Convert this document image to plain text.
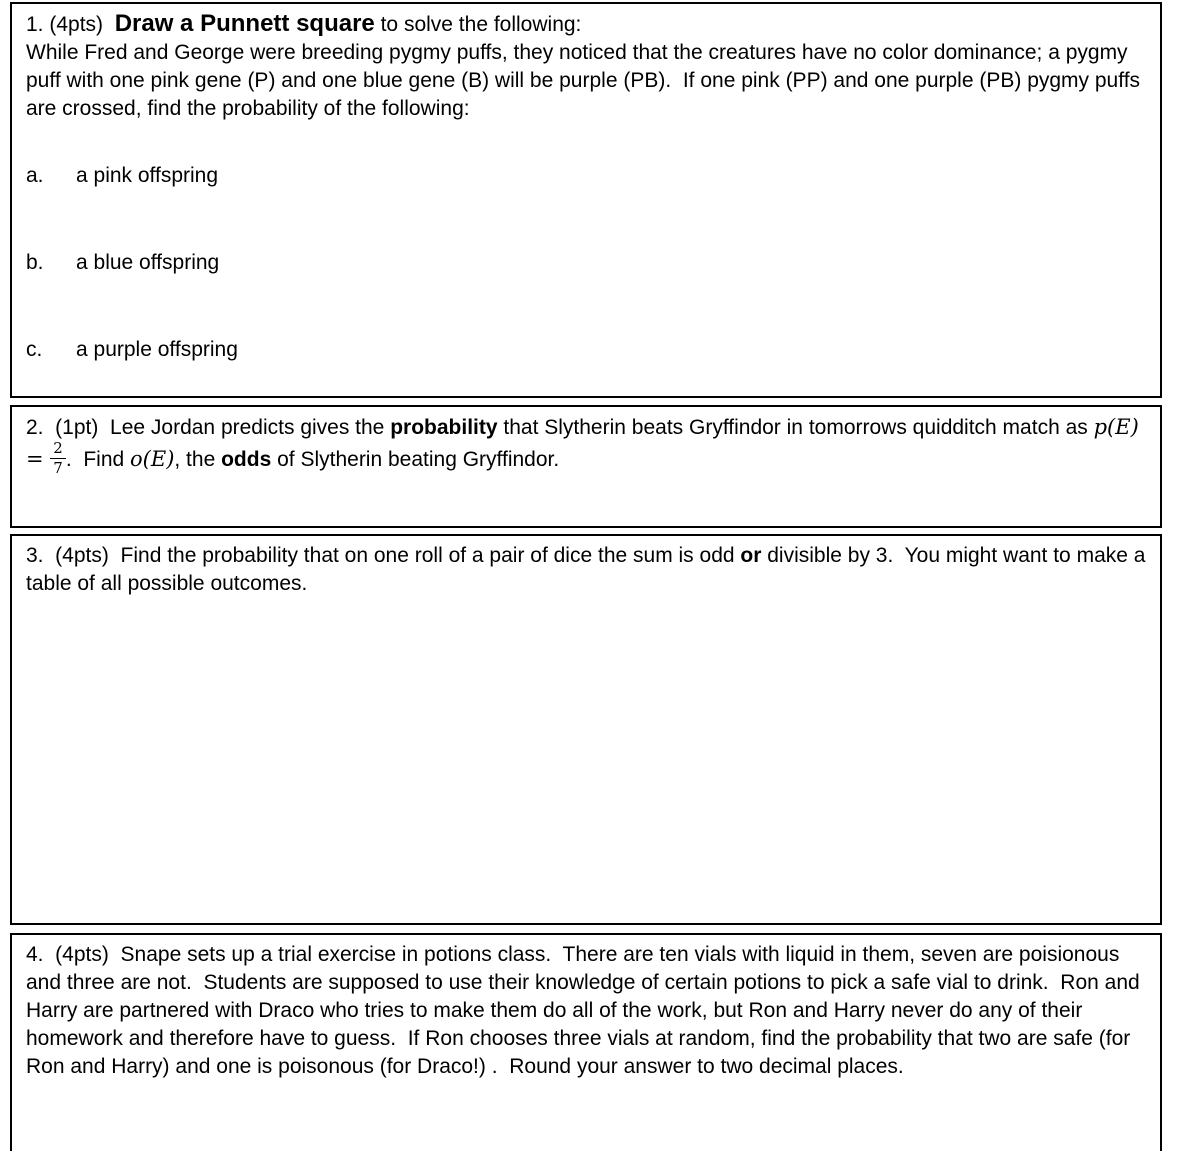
1. (4pts)  Draw a Punnett square to solve the following:

While Fred and George were breeding pygmy puffs, they noticed that the creatures have no color dominance; a pygmy puff with one pink gene (P) and one blue gene (B) will be purple (PB).  If one pink (PP) and one purple (PB) pygmy puffs are crossed, find the probability of the following:

a.	a pink offspring
b.	a blue offspring
c.	a purple offspring

2.  (1pt)  Lee Jordan predicts gives the probability that Slytherin beats Gryffindor in tomorrows quidditch match as $p(E) = \frac{2}{7}$ .  Find o(E), the odds of Slytherin beating Gryffindor.

3.  (4pts)  Find the probability that on one roll of a pair of dice the sum is odd or divisible by 3.  You might want to make a table of all possible outcomes.

4.  (4pts)  Snape sets up a trial exercise in potions class.  There are ten vials with liquid in them, seven are poisionous and three are not.  Students are supposed to use their knowledge of certain potions to pick a safe vial to drink.  Ron and Harry are partnered with Draco who tries to make them do all of the work, but Ron and Harry never do any of their homework and therefore have to guess.  If Ron chooses three vials at random, find the probability that two are safe (for Ron and Harry) and one is poisonous (for Draco!) .  Round your answer to two decimal places.
